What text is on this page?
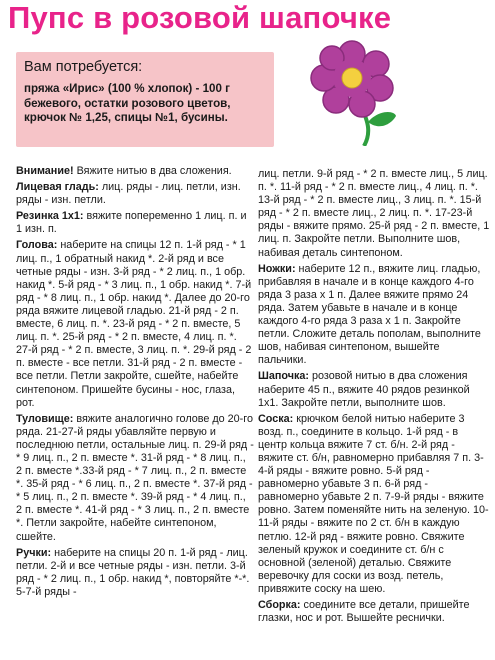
Пупс в розовой шапочке
Вам потребуется:
пряжа «Ирис» (100 % хлопок) - 100 г бежевого, остатки розового цветов, крючок № 1,25, спицы №1, бусины.

Внимание! Вяжите нитью в два сложения.

Лицевая гладь: лиц. ряды - лиц. петли, изн. ряды - изн. петли.

Резинка 1х1: вяжите попеременно 1 лиц. п. и 1 изн. п.

Голова: наберите на спицы 12 п. 1-й ряд - * 1 лиц. п., 1 обратный накид *. 2-й ряд и все четные ряды - изн. 3-й ряд - * 2 лиц. п., 1 обр. накид *. 5-й ряд - * 3 лиц. п., 1 обр. накид *. 7-й ряд - * 8 лиц. п., 1 обр. накид *. Далее до 20-го ряда вяжите лицевой гладью. 21-й ряд - 2 п. вместе, 6 лиц. п. *. 23-й ряд - * 2 п. вместе, 5 лиц. п. *. 25-й ряд - * 2 п. вместе, 4 лиц. п. *. 27-й ряд - * 2 п. вместе, 3 лиц. п. *. 29-й ряд - 2 п. вместе - все петли. 31-й ряд - 2 п. вместе - все петли. Петли закройте, сшейте, набейте синтепоном. Пришейте бусины - нос, глаза, рот.

Туловище: вяжите аналогично голове до 20-го ряда. 21-27-й ряды убавляйте первую и последнюю петли, остальные лиц. п. 29-й ряд - * 9 лиц. п., 2 п. вместе *. 31-й ряд - * 8 лиц. п., 2 п. вместе *.33-й ряд - * 7 лиц. п., 2 п. вместе *. 35-й ряд - * 6 лиц. п., 2 п. вместе *. 37-й ряд - * 5 лиц. п., 2 п. вместе *. 39-й ряд - * 4 лиц. п., 2 п. вместе *. 41-й ряд - * 3 лиц. п., 2 п. вместе *. Петли закройте, набейте синтепоном, сшейте.

Ручки: наберите на спицы 20 п. 1-й ряд - лиц. петли. 2-й и все четные ряды - изн. петли. 3-й ряд - * 2 лиц. п., 1 обр. накид *, повторяйте *-*. 5-7-й ряды -

лиц. петли. 9-й ряд - * 2 п. вместе лиц., 5 лиц. п. *. 11-й ряд - * 2 п. вместе лиц., 4 лиц. п. *. 13-й ряд - * 2 п. вместе лиц., 3 лиц. п. *. 15-й ряд - * 2 п. вместе лиц., 2 лиц. п. *. 17-23-й ряды - вяжите прямо. 25-й ряд - 2 п. вместе, 1 лиц. п. Закройте петли. Выполните шов, набивая деталь синтепоном.

Ножки: наберите 12 п., вяжите лиц. гладью, прибавляя в начале и в конце каждого 4-го ряда 3 раза х 1 п. Далее вяжите прямо 24 ряда. Затем убавьте в начале и в конце каждого 4-го ряда 3 раза х 1 п. Закройте петли. Сложите деталь пополам, выполните шов, набивая синтепоном, вышейте пальчики.

Шапочка: розовой нитью в два сложения наберите 45 п., вяжите 40 рядов резинкой 1х1. Закройте петли, выполните шов.

Соска: крючком белой нитью наберите 3 возд. п., соедините в кольцо. 1-й ряд - в центр кольца вяжите 7 ст. б/н. 2-й ряд - вяжите ст. б/н, равномерно прибавляя 7 п. 3-4-й ряды - вяжите ровно. 5-й ряд - равномерно убавьте 3 п. 6-й ряд - равномерно убавьте 2 п. 7-9-й ряды - вяжите ровно. Затем поменяйте нить на зеленую. 10-11-й ряды - вяжите по 2 ст. б/н в каждую петлю. 12-й ряд - вяжите ровно. Свяжите зеленый кружок и соедините ст. б/н с основной (зеленой) деталью. Свяжите веревочку для соски из возд. петель, привяжите соску на шею.

Сборка: соедините все детали, пришейте глазки, нос и рот. Вышейте реснички.
